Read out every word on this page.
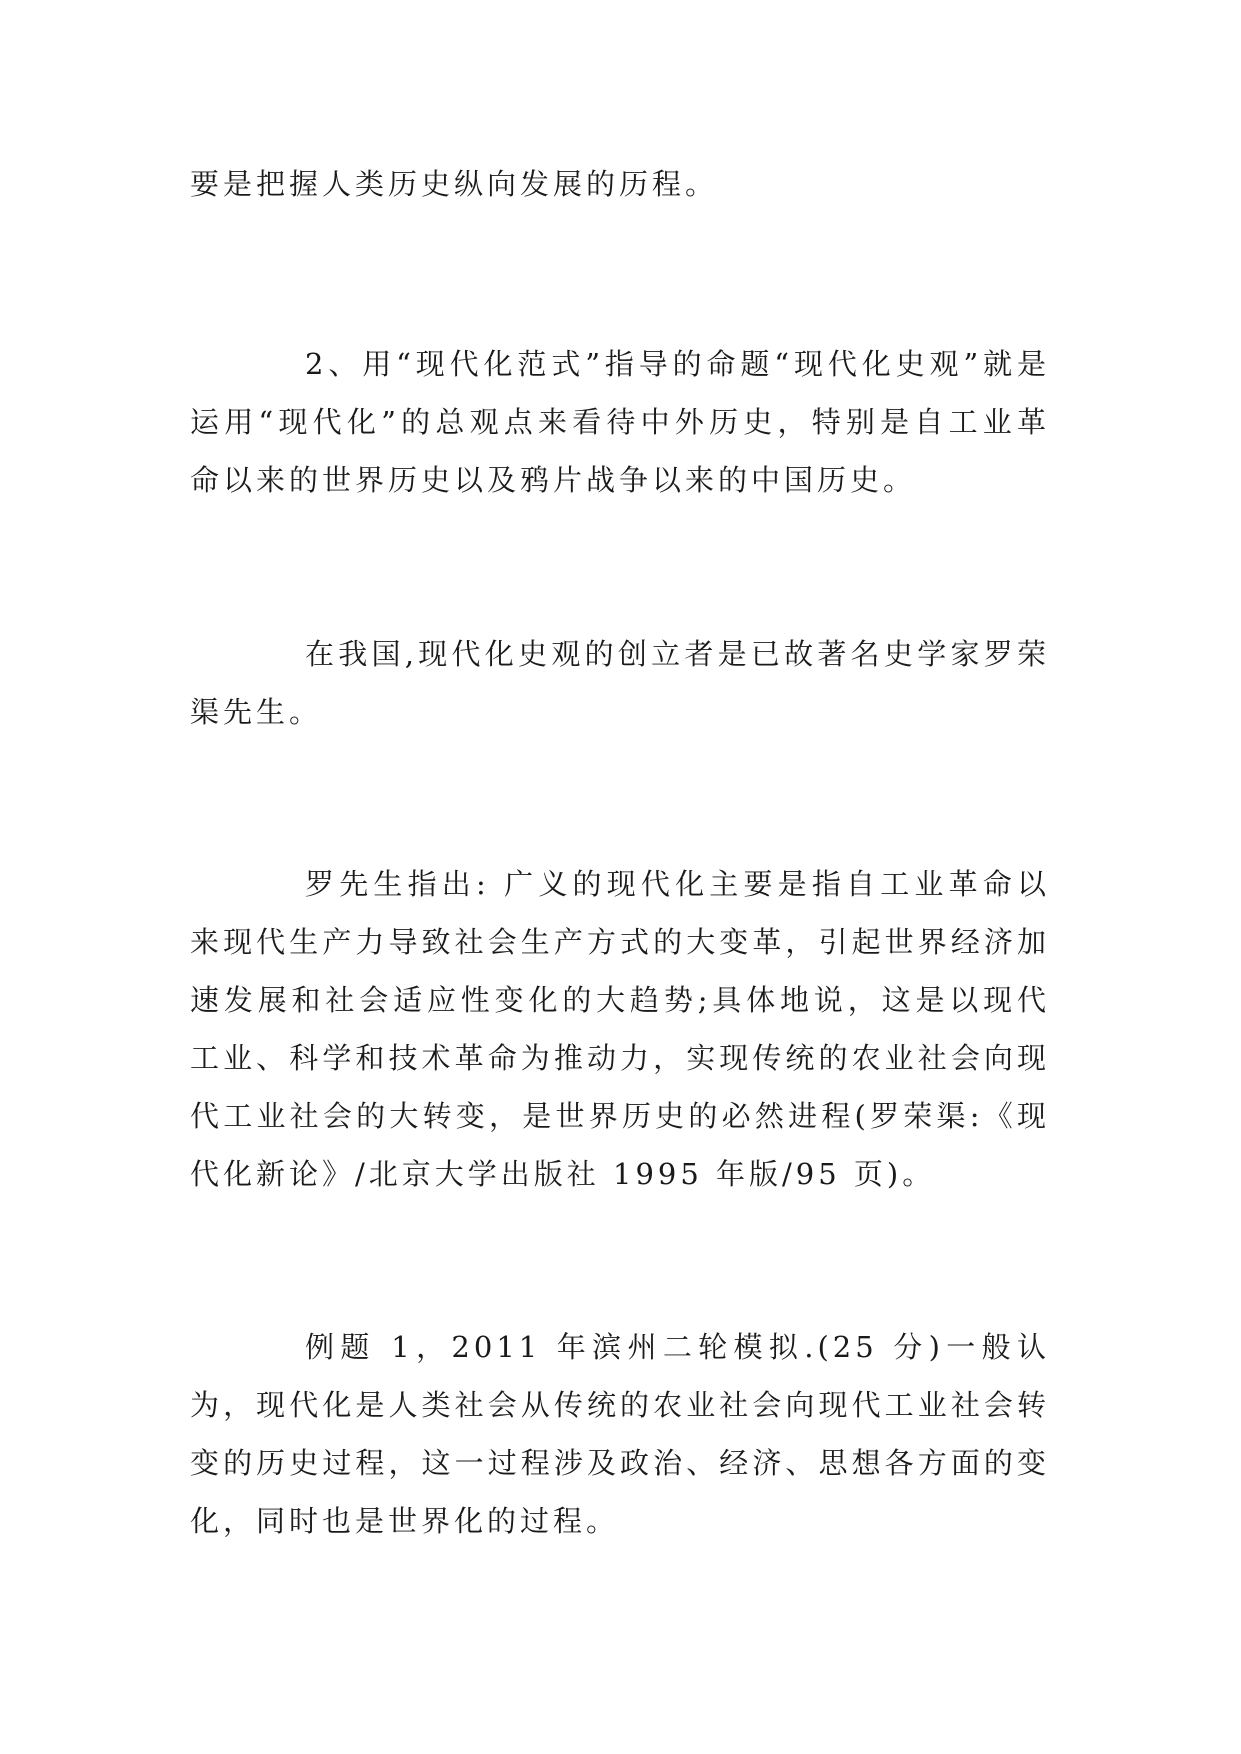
要是把握人类历史纵向发展的历程。

2、用“现代化范式”指导的命题“现代化史观”就是运用“现代化”的总观点来看待中外历史，特别是自工业革命以来的世界历史以及鸦片战争以来的中国历史。

在我国,现代化史观的创立者是已故著名史学家罗荣渠先生。

罗先生指出: 广义的现代化主要是指自工业革命以来现代生产力导致社会生产方式的大变革，引起世界经济加速发展和社会适应性变化的大趋势;具体地说，这是以现代工业、科学和技术革命为推动力，实现传统的农业社会向现代工业社会的大转变，是世界历史的必然进程(罗荣渠:《现代化新论》/北京大学出版社 1995 年版/95 页)。

例题 1，2011 年滨州二轮模拟.(25 分)一般认为，现代化是人类社会从传统的农业社会向现代工业社会转变的历史过程，这一过程涉及政治、经济、思想各方面的变化，同时也是世界化的过程。
